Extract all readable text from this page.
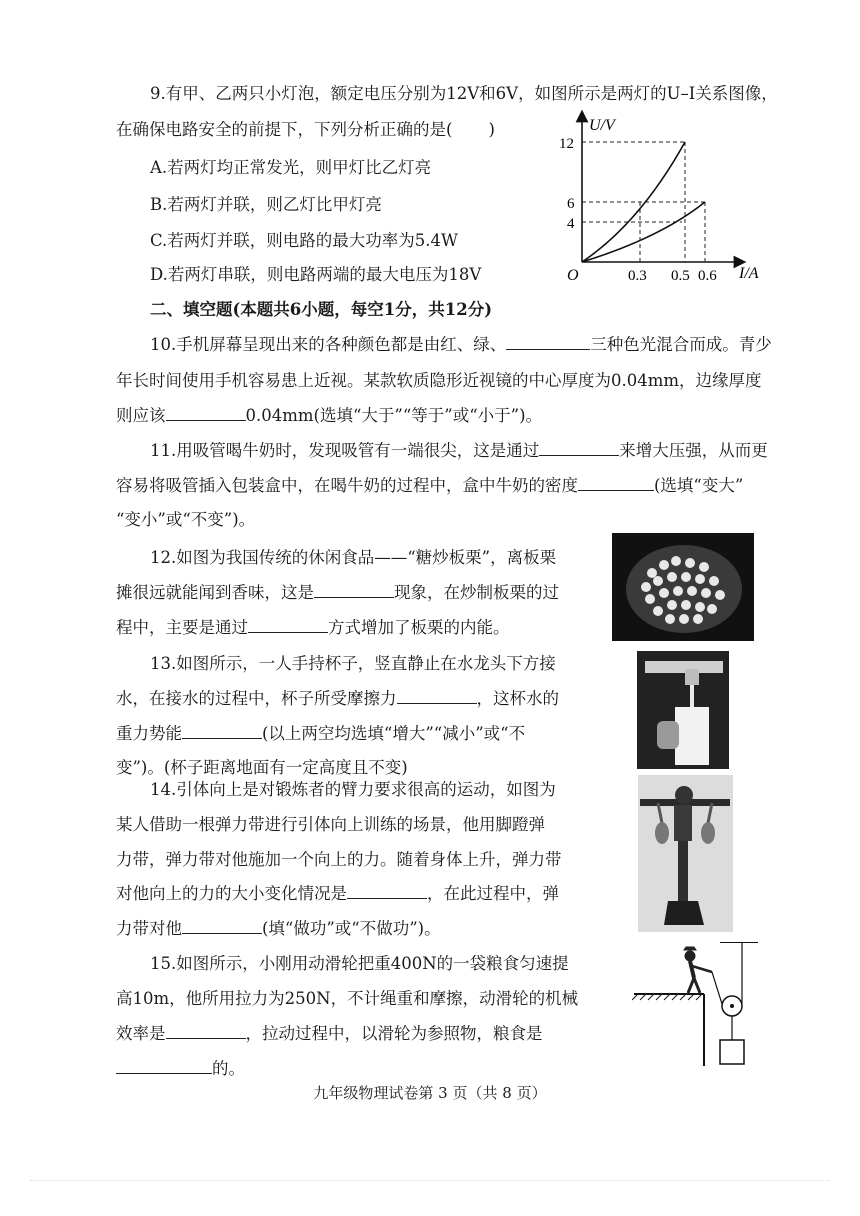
9.有甲、乙两只小灯泡，额定电压分别为12V和6V，如图所示是两灯的U–I关系图像，
在确保电路安全的前提下，下列分析正确的是( )
A.若两灯均正常发光，则甲灯比乙灯亮
B.若两灯并联，则乙灯比甲灯亮
C.若两灯并联，则电路的最大功率为5.4W
D.若两灯串联，则电路两端的最大电压为18V
U/V
I/A
O
12
6
4
0.3 0.5 0.6
二、填空题(本题共6小题，每空1分，共12分)
10.手机屏幕呈现出来的各种颜色都是由红、绿、	三种色光混合而成。青少
年长时间使用手机容易患上近视。某款软质隐形近视镜的中心厚度为0.04mm，边缘厚度
则应该	0.04mm(选填“大于”“等于”或“小于”)。
11.用吸管喝牛奶时，发现吸管有一端很尖，这是通过	来增大压强，从而更
容易将吸管插入包装盒中，在喝牛奶的过程中，盒中牛奶的密度	(选填“变大”
“变小”或“不变”)。
12.如图为我国传统的休闲食品——“糖炒板栗”，离板栗
摊很远就能闻到香味，这是	现象，在炒制板栗的过
程中，主要是通过	方式增加了板栗的内能。
13.如图所示，一人手持杯子，竖直静止在水龙头下方接
水，在接水的过程中，杯子所受摩擦力	，这杯水的
重力势能	(以上两空均选填“增大”“减小”或“不
变”)。(杯子距离地面有一定高度且不变)
14.引体向上是对锻炼者的臂力要求很高的运动，如图为
某人借助一根弹力带进行引体向上训练的场景，他用脚蹬弹
力带，弹力带对他施加一个向上的力。随着身体上升，弹力带
对他向上的力的大小变化情况是	，在此过程中，弹
力带对他	(填“做功”或“不做功”)。
15.如图所示，小刚用动滑轮把重400N的一袋粮食匀速提
高10m，他所用拉力为250N，不计绳重和摩擦，动滑轮的机械
效率是	，拉动过程中，以滑轮为参照物，粮食是
的。
九年级物理试卷第 3 页（共 8 页）
